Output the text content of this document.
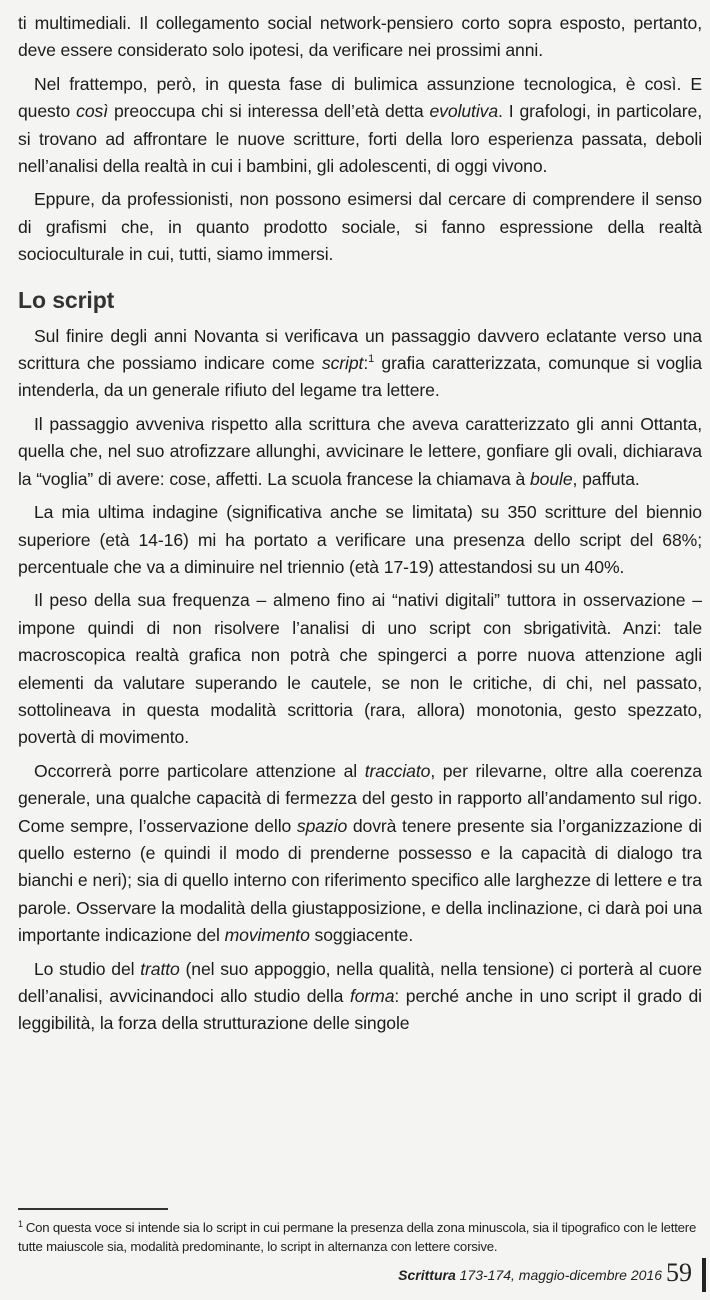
ti multimediali. Il collegamento social network-pensiero corto sopra esposto, pertanto, deve essere considerato solo ipotesi, da verificare nei prossimi anni.

Nel frattempo, però, in questa fase di bulimica assunzione tecnologica, è così. E questo così preoccupa chi si interessa dell’età detta evolutiva. I grafologi, in particolare, si trovano ad affrontare le nuove scritture, forti della loro esperienza passata, deboli nell’analisi della realtà in cui i bambini, gli adolescenti, di oggi vivono.

Eppure, da professionisti, non possono esimersi dal cercare di comprendere il senso di grafismi che, in quanto prodotto sociale, si fanno espressione della realtà socioculturale in cui, tutti, siamo immersi.

Lo script

Sul finire degli anni Novanta si verificava un passaggio davvero eclatante verso una scrittura che possiamo indicare come script:$^1$ grafia caratterizzata, comunque si voglia intenderla, da un generale rifiuto del legame tra lettere.

Il passaggio avveniva rispetto alla scrittura che aveva caratterizzato gli anni Ottanta, quella che, nel suo atrofizzare allunghi, avvicinare le lettere, gonfiare gli ovali, dichiarava la “voglia” di avere: cose, affetti. La scuola francese la chiamava à boule, paffuta.

La mia ultima indagine (significativa anche se limitata) su 350 scritture del biennio superiore (età 14-16) mi ha portato a verificare una presenza dello script del 68%; percentuale che va a diminuire nel triennio (età 17-19) attestandosi su un 40%.

Il peso della sua frequenza – almeno fino ai “nativi digitali” tuttora in osservazione – impone quindi di non risolvere l’analisi di uno script con sbrigatività. Anzi: tale macroscopica realtà grafica non potrà che spingerci a porre nuova attenzione agli elementi da valutare superando le cautele, se non le critiche, di chi, nel passato, sottolineava in questa modalità scrittoria (rara, allora) monotonia, gesto spezzato, povertà di movimento.

Occorrerà porre particolare attenzione al tracciato, per rilevarne, oltre alla coerenza generale, una qualche capacità di fermezza del gesto in rapporto all’andamento sul rigo. Come sempre, l’osservazione dello spazio dovrà tenere presente sia l’organizzazione di quello esterno (e quindi il modo di prenderne possesso e la capacità di dialogo tra bianchi e neri); sia di quello interno con riferimento specifico alle larghezze di lettere e tra parole. Osservare la modalità della giustapposizione, e della inclinazione, ci darà poi una importante indicazione del movimento soggiacente.

Lo studio del tratto (nel suo appoggio, nella qualità, nella tensione) ci porterà al cuore dell’analisi, avvicinandoci allo studio della forma: perché anche in uno script il grado di leggibilità, la forza della strutturazione delle singole

$^1$ Con questa voce si intende sia lo script in cui permane la presenza della zona minuscola, sia il tipografico con le lettere tutte maiuscole sia, modalità predominante, lo script in alternanza con lettere corsive.
Scrittura 173-174, maggio-dicembre 2016 59
